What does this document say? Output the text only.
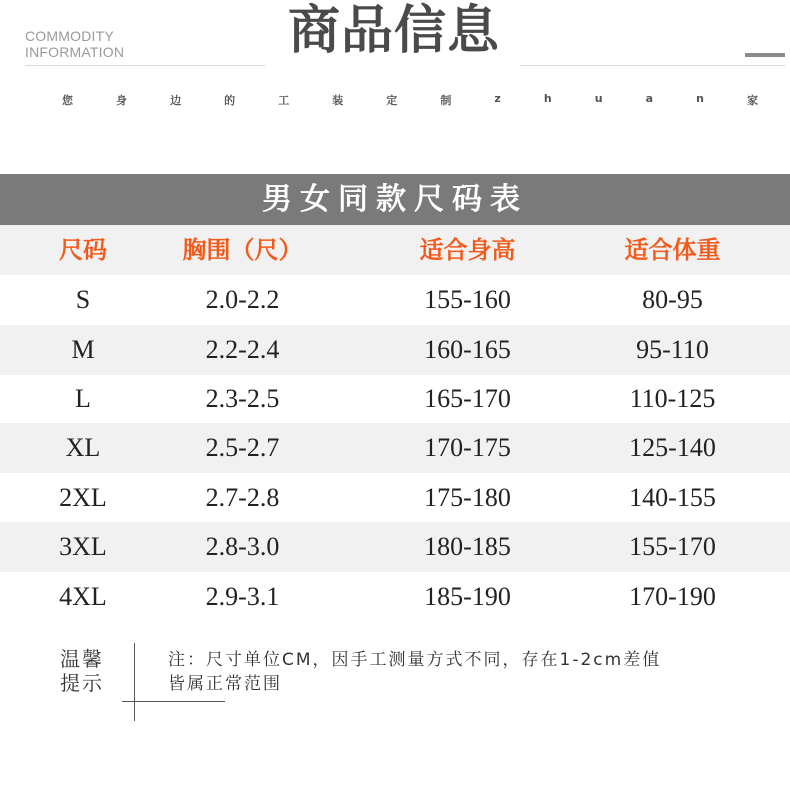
COMMODITY
INFORMATION	商品信息
您	身	边	的	工	装	定	制	z	h	u	a	n	家
男女同款尺码表
尺码	胸围（尺）	适合身高	适合体重
S	2.0-2.2	155-160	80-95
M	2.2-2.4	160-165	95-110
L	2.3-2.5	165-170	110-125
XL	2.5-2.7	170-175	125-140
2XL	2.7-2.8	175-180	140-155
3XL	2.8-3.0	180-185	155-170
4XL	2.9-3.1	185-190	170-190
温馨
提示
注：尺寸单位CM，因手工测量方式不同，存在1-2cm差值
皆属正常范围
